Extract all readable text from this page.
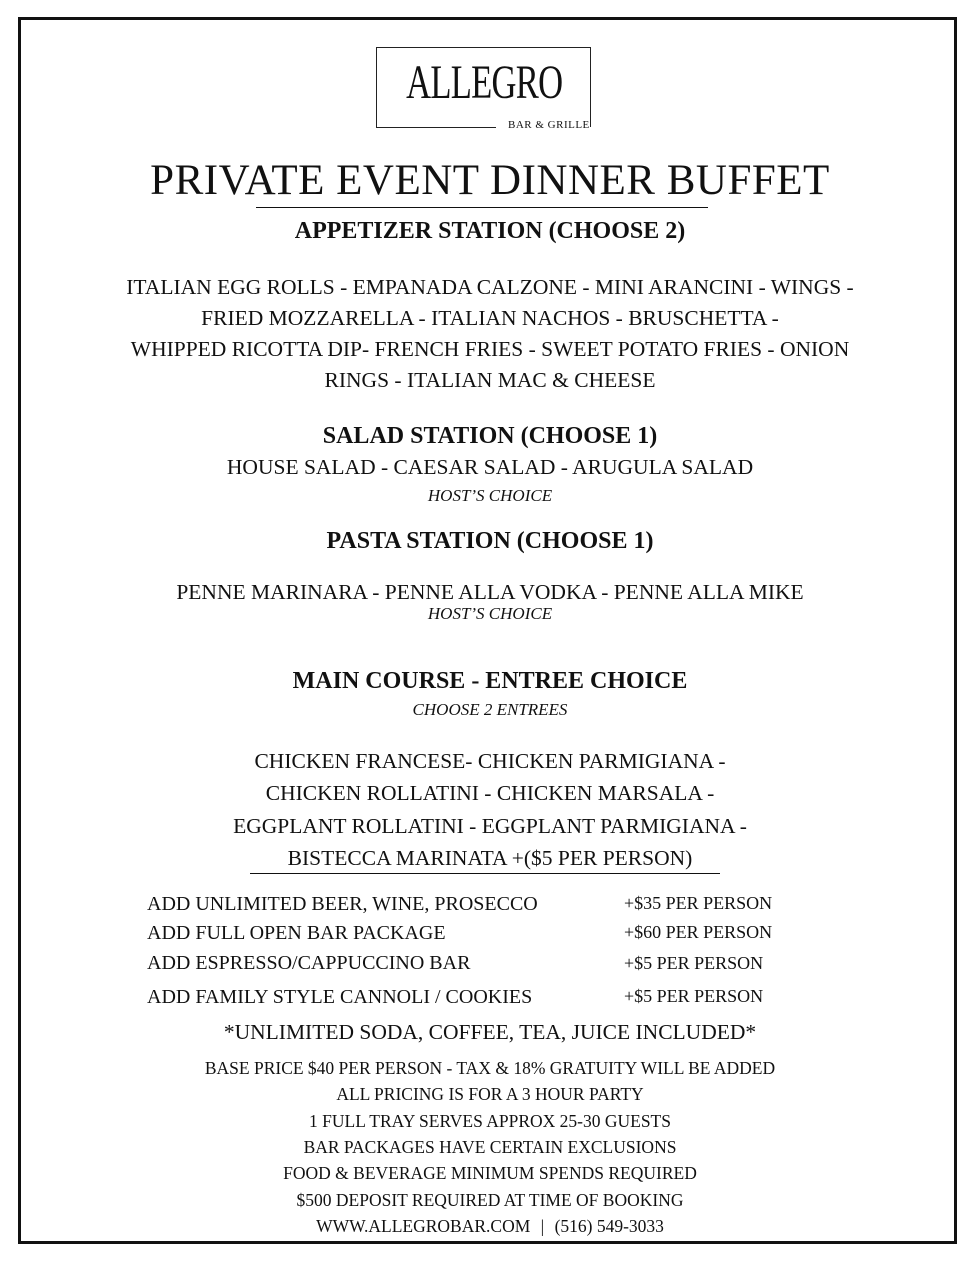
ALLEGRO
BAR & GRILLE
PRIVATE EVENT DINNER BUFFET
APPETIZER STATION (CHOOSE 2)
ITALIAN EGG ROLLS - EMPANADA CALZONE - MINI ARANCINI - WINGS -
FRIED MOZZARELLA - ITALIAN NACHOS - BRUSCHETTA -
WHIPPED RICOTTA DIP- FRENCH FRIES - SWEET POTATO FRIES - ONION
RINGS - ITALIAN MAC & CHEESE
SALAD STATION (CHOOSE 1)
HOUSE SALAD - CAESAR SALAD - ARUGULA SALAD
HOST’S CHOICE
PASTA STATION (CHOOSE 1)
PENNE MARINARA - PENNE ALLA VODKA - PENNE ALLA MIKE
HOST’S CHOICE
MAIN COURSE - ENTREE CHOICE
CHOOSE 2 ENTREES
CHICKEN FRANCESE- CHICKEN PARMIGIANA -
CHICKEN ROLLATINI - CHICKEN MARSALA -
EGGPLANT ROLLATINI - EGGPLANT PARMIGIANA -
BISTECCA MARINATA +($5 PER PERSON)
ADD UNLIMITED BEER, WINE, PROSECCO	+$35 PER PERSON
ADD FULL OPEN BAR PACKAGE	+$60 PER PERSON
ADD ESPRESSO/CAPPUCCINO BAR	+$5 PER PERSON
ADD FAMILY STYLE CANNOLI / COOKIES	+$5 PER PERSON
*UNLIMITED SODA, COFFEE, TEA, JUICE INCLUDED*
BASE PRICE $40 PER PERSON - TAX & 18% GRATUITY WILL BE ADDED
ALL PRICING IS FOR A 3 HOUR PARTY
1 FULL TRAY SERVES APPROX 25-30 GUESTS
BAR PACKAGES HAVE CERTAIN EXCLUSIONS
FOOD & BEVERAGE MINIMUM SPENDS REQUIRED
$500 DEPOSIT REQUIRED AT TIME OF BOOKING
WWW.ALLEGROBAR.COM | (516) 549-3033
